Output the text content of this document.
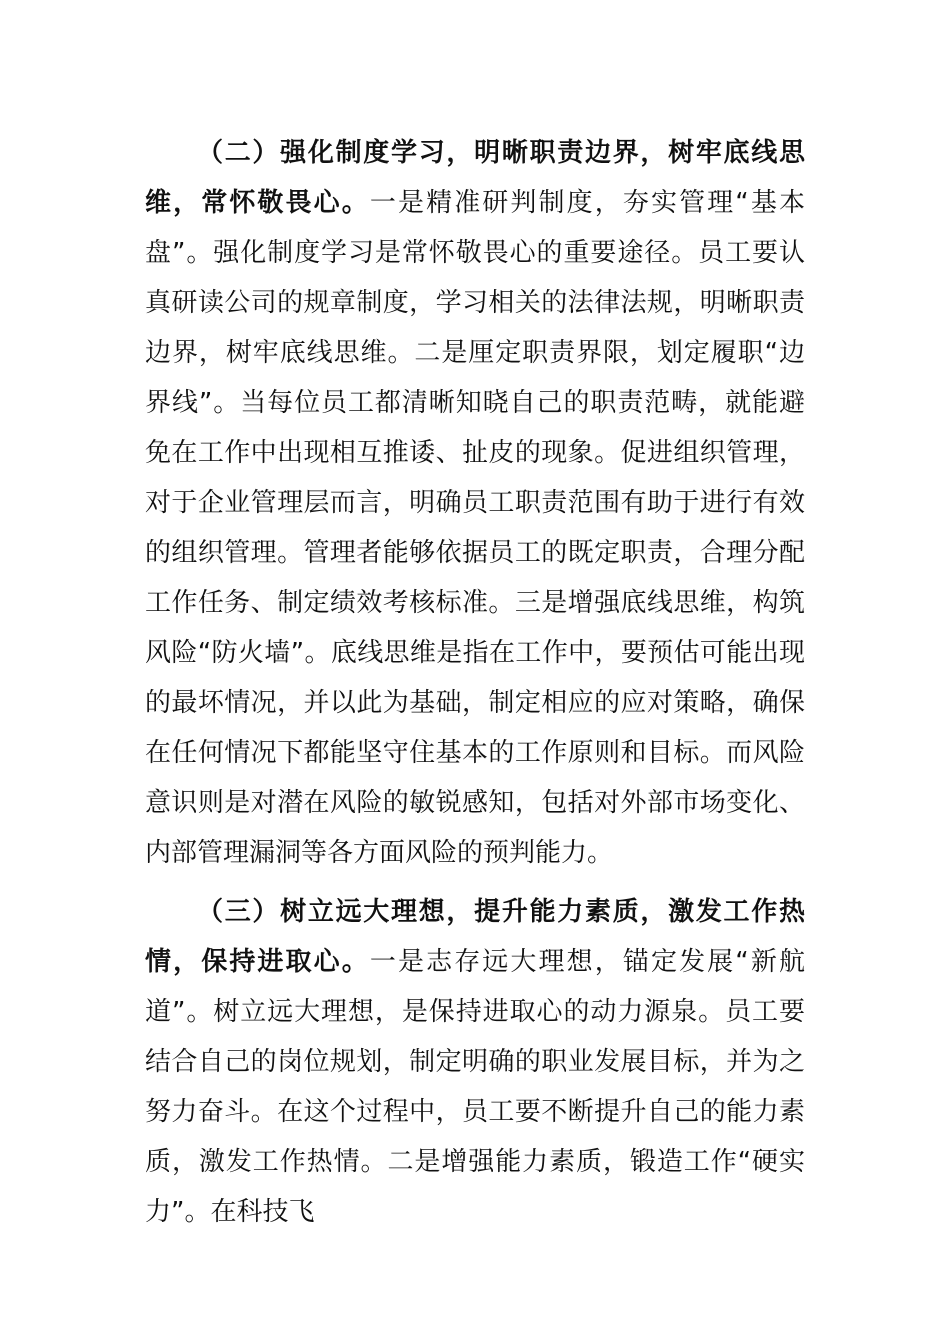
（二）强化制度学习，明晰职责边界，树牢底线思维，常怀敬畏心。一是精准研判制度，夯实管理“基本盘”。强化制度学习是常怀敬畏心的重要途径。员工要认真研读公司的规章制度，学习相关的法律法规，明晰职责边界，树牢底线思维。二是厘定职责界限，划定履职“边界线”。当每位员工都清晰知晓自己的职责范畴，就能避免在工作中出现相互推诿、扯皮的现象。促进组织管理，对于企业管理层而言，明确员工职责范围有助于进行有效的组织管理。管理者能够依据员工的既定职责，合理分配工作任务、制定绩效考核标准。三是增强底线思维，构筑风险“防火墙”。底线思维是指在工作中，要预估可能出现的最坏情况，并以此为基础，制定相应的应对策略，确保在任何情况下都能坚守住基本的工作原则和目标。而风险意识则是对潜在风险的敏锐感知，包括对外部市场变化、内部管理漏洞等各方面风险的预判能力。

（三）树立远大理想，提升能力素质，激发工作热情，保持进取心。一是志存远大理想，锚定发展“新航道”。树立远大理想，是保持进取心的动力源泉。员工要结合自己的岗位规划，制定明确的职业发展目标，并为之努力奋斗。在这个过程中，员工要不断提升自己的能力素质，激发工作热情。二是增强能力素质，锻造工作“硬实力”。在科技飞
